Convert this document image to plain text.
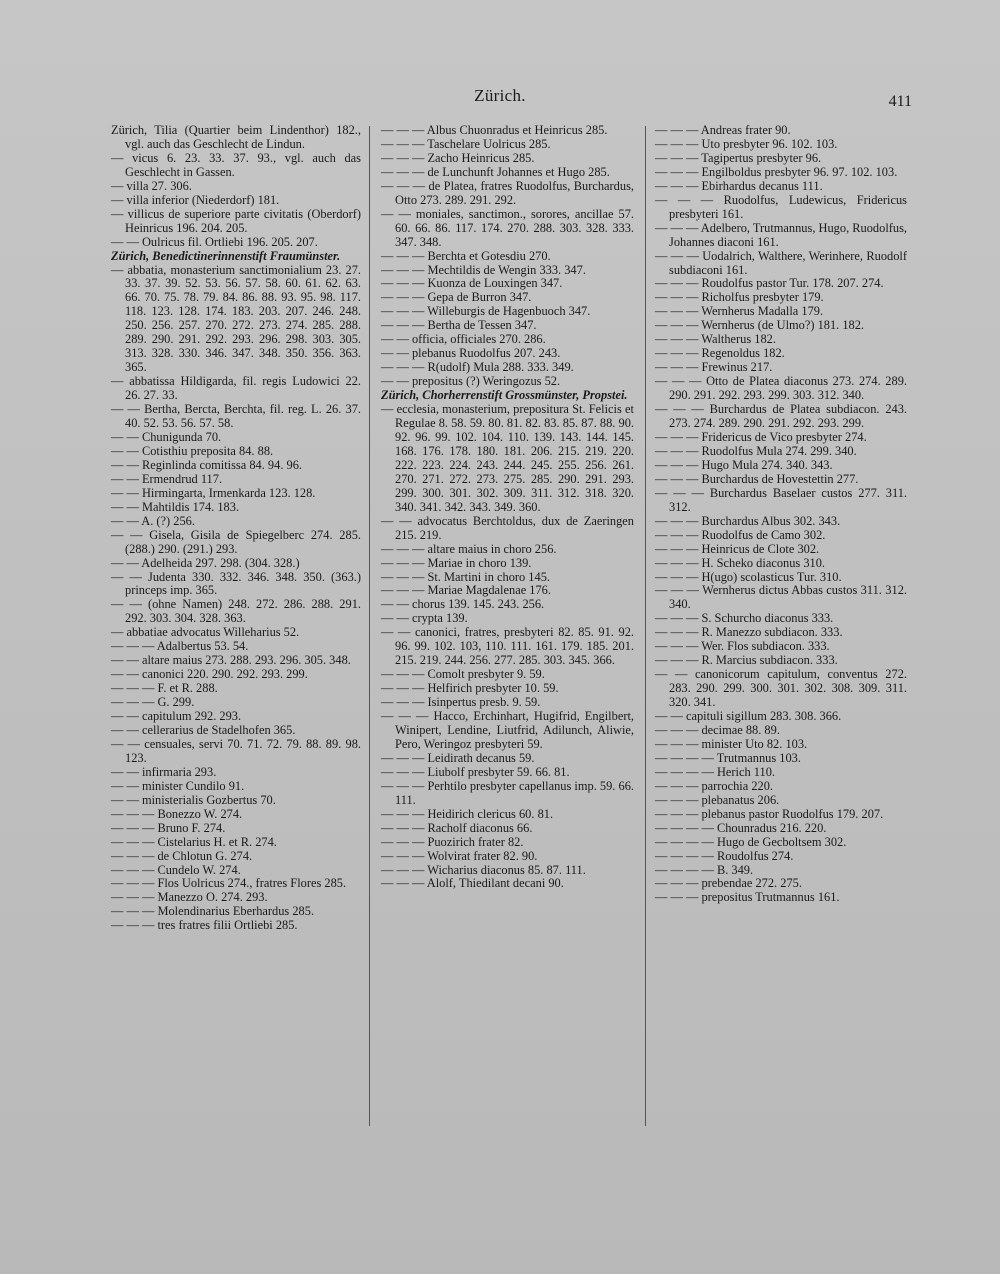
Zürich.	411

Zürich, Tilia (Quartier beim Lindenthor) 182., vgl. auch das Geschlecht de Lindun.

— vicus 6. 23. 33. 37. 93., vgl. auch das Geschlecht in Gassen.

— villa 27. 306.

— villa inferior (Niederdorf) 181.

— villicus de superiore parte civitatis (Oberdorf) Heinricus 196. 204. 205.

— — Oulricus fil. Ortliebi 196. 205. 207.

Zürich, Benedictinerinnenstift Fraumünster.

— abbatia, monasterium sanctimonialium 23. 27. 33. 37. 39. 52. 53. 56. 57. 58. 60. 61. 62. 63. 66. 70. 75. 78. 79. 84. 86. 88. 93. 95. 98. 117. 118. 123. 128. 174. 183. 203. 207. 246. 248. 250. 256. 257. 270. 272. 273. 274. 285. 288. 289. 290. 291. 292. 293. 296. 298. 303. 305. 313. 328. 330. 346. 347. 348. 350. 356. 363. 365.

— abbatissa Hildigarda, fil. regis Ludowici 22. 26. 27. 33.

— — Bertha, Bercta, Berchta, fil. reg. L. 26. 37. 40. 52. 53. 56. 57. 58.

— — Chunigunda 70.

— — Cotisthiu preposita 84. 88.

— — Reginlinda comitissa 84. 94. 96.

— — Ermendrud 117.

— — Hirmingarta, Irmenkarda 123. 128.

— — Mahtildis 174. 183.

— — A. (?) 256.

— — Gisela, Gisila de Spiegelberc 274. 285. (288.) 290. (291.) 293.

— — Adelheida 297. 298. (304. 328.)

— — Judenta 330. 332. 346. 348. 350. (363.) princeps imp. 365.

— — (ohne Namen) 248. 272. 286. 288. 291. 292. 303. 304. 328. 363.

— abbatiae advocatus Willeharius 52.

— — — Adalbertus 53. 54.

— — altare maius 273. 288. 293. 296. 305. 348.

— — canonici 220. 290. 292. 293. 299.

— — — F. et R. 288.

— — — G. 299.

— — capitulum 292. 293.

— — cellerarius de Stadelhofen 365.

— — censuales, servi 70. 71. 72. 79. 88. 89. 98. 123.

— — infirmaria 293.

— — minister Cundilo 91.

— — ministerialis Gozbertus 70.

— — — Bonezzo W. 274.

— — — Bruno F. 274.

— — — Cistelarius H. et R. 274.

— — — de Chlotun G. 274.

— — — Cundelo W. 274.

— — — Flos Uolricus 274., fratres Flores 285.

— — — Manezzo O. 274. 293.

— — — Molendinarius Eberhardus 285.

— — — tres fratres filii Ortliebi 285.

— — — Albus Chuonradus et Heinricus 285.

— — — Taschelare Uolricus 285.

— — — Zacho Heinricus 285.

— — — de Lunchunft Johannes et Hugo 285.

— — — de Platea, fratres Ruodolfus, Burchardus, Otto 273. 289. 291. 292.

— — moniales, sanctimon., sorores, ancillae 57. 60. 66. 86. 117. 174. 270. 288. 303. 328. 333. 347. 348.

— — — Berchta et Gotesdiu 270.

— — — Mechtildis de Wengin 333. 347.

— — — Kuonza de Louxingen 347.

— — — Gepa de Burron 347.

— — — Willeburgis de Hagenbuoch 347.

— — — Bertha de Tessen 347.

— — officia, officiales 270. 286.

— — plebanus Ruodolfus 207. 243.

— — — R(udolf) Mula 288. 333. 349.

— — prepositus (?) Weringozus 52.

Zürich, Chorherrenstift Grossmünster, Propstei.

— ecclesia, monasterium, prepositura St. Felicis et Regulae 8. 58. 59. 80. 81. 82. 83. 85. 87. 88. 90. 92. 96. 99. 102. 104. 110. 139. 143. 144. 145. 168. 176. 178. 180. 181. 206. 215. 219. 220. 222. 223. 224. 243. 244. 245. 255. 256. 261. 270. 271. 272. 273. 275. 285. 290. 291. 293. 299. 300. 301. 302. 309. 311. 312. 318. 320. 340. 341. 342. 343. 349. 360.

— — advocatus Berchtoldus, dux de Zaeringen 215. 219.

— — — altare maius in choro 256.

— — — Mariae in choro 139.

— — — St. Martini in choro 145.

— — — Mariae Magdalenae 176.

— — chorus 139. 145. 243. 256.

— — crypta 139.

— — canonici, fratres, presbyteri 82. 85. 91. 92. 96. 99. 102. 103, 110. 111. 161. 179. 185. 201. 215. 219. 244. 256. 277. 285. 303. 345. 366.

— — — Comolt presbyter 9. 59.

— — — Helfirich presbyter 10. 59.

— — — Isinpertus presb. 9. 59.

— — — Hacco, Erchinhart, Hugifrid, Engilbert, Winipert, Lendine, Liutfrid, Adilunch, Aliwie, Pero, Weringoz presbyteri 59.

— — — Leidirath decanus 59.

— — — Liubolf presbyter 59. 66. 81.

— — — Perhtilo presbyter capellanus imp. 59. 66. 111.

— — — Heidirich clericus 60. 81.

— — — Racholf diaconus 66.

— — — Puozirich frater 82.

— — — Wolvirat frater 82. 90.

— — — Wicharius diaconus 85. 87. 111.

— — — Alolf, Thiedilant decani 90.

— — — Andreas frater 90.

— — — Uto presbyter 96. 102. 103.

— — — Tagipertus presbyter 96.

— — — Engilboldus presbyter 96. 97. 102. 103.

— — — Ebirhardus decanus 111.

— — — Ruodolfus, Ludewicus, Fridericus presbyteri 161.

— — — Adelbero, Trutmannus, Hugo, Ruodolfus, Johannes diaconi 161.

— — — Uodalrich, Walthere, Werinhere, Ruodolf subdiaconi 161.

— — — Roudolfus pastor Tur. 178. 207. 274.

— — — Richolfus presbyter 179.

— — — Wernherus Madalla 179.

— — — Wernherus (de Ulmo?) 181. 182.

— — — Waltherus 182.

— — — Regenoldus 182.

— — — Frewinus 217.

— — — Otto de Platea diaconus 273. 274. 289. 290. 291. 292. 293. 299. 303. 312. 340.

— — — Burchardus de Platea subdiacon. 243. 273. 274. 289. 290. 291. 292. 293. 299.

— — — Fridericus de Vico presbyter 274.

— — — Ruodolfus Mula 274. 299. 340.

— — — Hugo Mula 274. 340. 343.

— — — Burchardus de Hovestettin 277.

— — — Burchardus Baselaer custos 277. 311. 312.

— — — Burchardus Albus 302. 343.

— — — Ruodolfus de Camo 302.

— — — Heinricus de Clote 302.

— — — H. Scheko diaconus 310.

— — — H(ugo) scolasticus Tur. 310.

— — — Wernherus dictus Abbas custos 311. 312. 340.

— — — S. Schurcho diaconus 333.

— — — R. Manezzo subdiacon. 333.

— — — Wer. Flos subdiacon. 333.

— — — R. Marcius subdiacon. 333.

— — canonicorum capitulum, conventus 272. 283. 290. 299. 300. 301. 302. 308. 309. 311. 320. 341.

— — capituli sigillum 283. 308. 366.

— — — decimae 88. 89.

— — — minister Uto 82. 103.

— — — — Trutmannus 103.

— — — — Herich 110.

— — — parrochia 220.

— — — plebanatus 206.

— — — plebanus pastor Ruodolfus 179. 207.

— — — — Chounradus 216. 220.

— — — — Hugo de Gecboltsem 302.

— — — — Roudolfus 274.

— — — — B. 349.

— — — prebendae 272. 275.

— — — prepositus Trutmannus 161.
